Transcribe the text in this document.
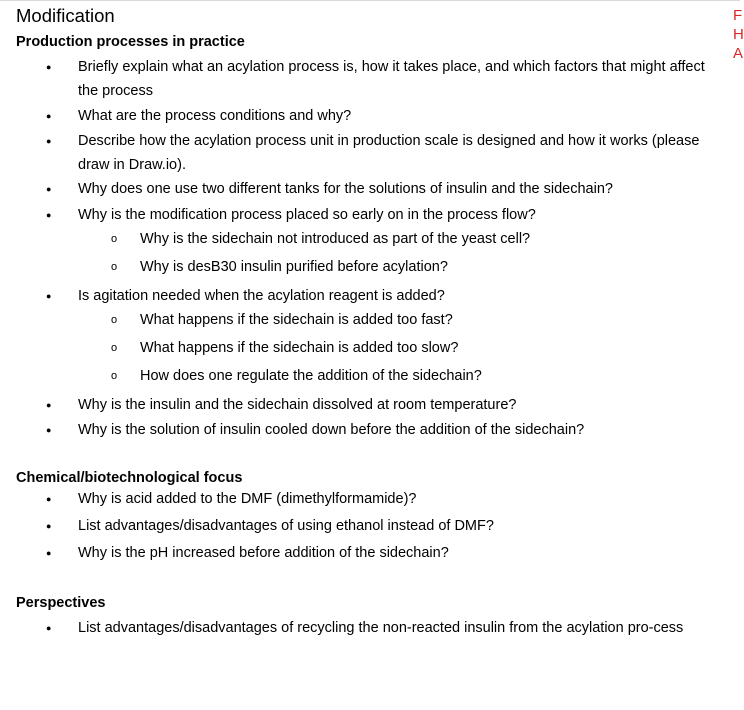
Modification	F
H
A
Production processes in practice
● Briefly explain what an acylation process is, how it takes place, and which factors that might affect the process
● What are the process conditions and why?
● Describe how the acylation process unit in production scale is designed and how it works (please draw in Draw.io).
● Why does one use two different tanks for the solutions of insulin and the sidechain?
● Why is the modification process placed so early on in the process flow?
o Why is the sidechain not introduced as part of the yeast cell?
o Why is desB30 insulin purified before acylation?
● Is agitation needed when the acylation reagent is added?
o What happens if the sidechain is added too fast?
o What happens if the sidechain is added too slow?
o How does one regulate the addition of the sidechain?
● Why is the insulin and the sidechain dissolved at room temperature?
● Why is the solution of insulin cooled down before the addition of the sidechain?
Chemical/biotechnological focus
● Why is acid added to the DMF (dimethylformamide)?
● List advantages/disadvantages of using ethanol instead of DMF?
● Why is the pH increased before addition of the sidechain?
Perspectives
● List advantages/disadvantages of recycling the non-reacted insulin from the acylation pro-cess
